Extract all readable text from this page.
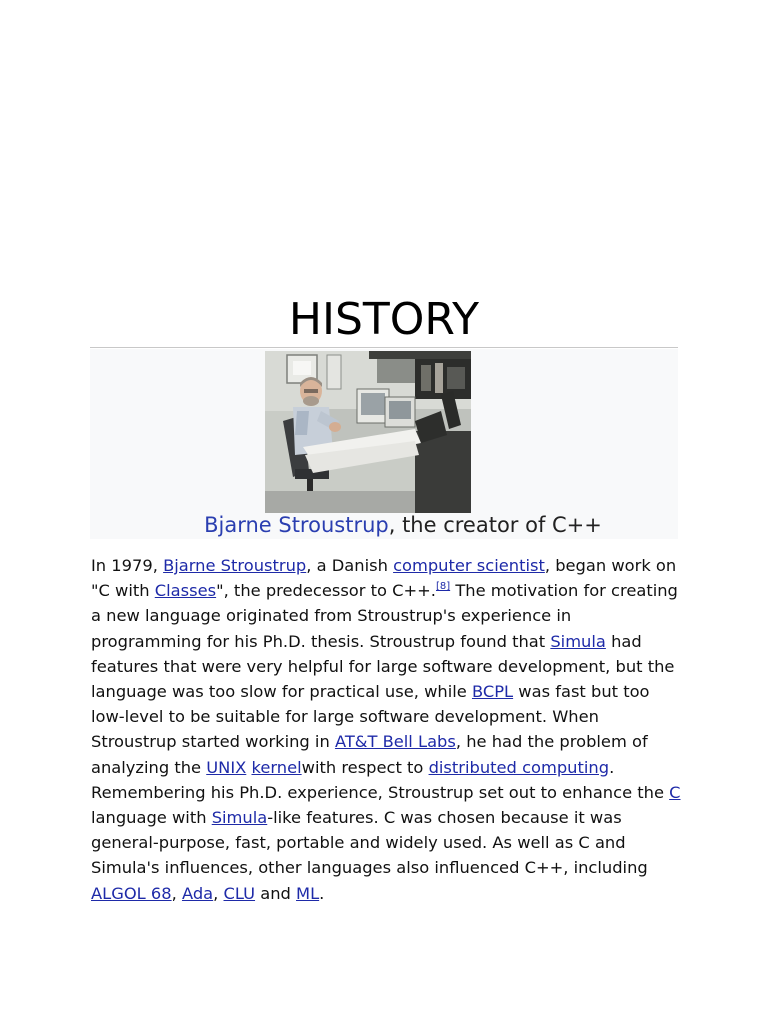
HISTORY
Bjarne Stroustrup, the creator of C++
In 1979, Bjarne Stroustrup, a Danish computer scientist, began work on "C with Classes", the predecessor to C++.[8] The motivation for creating a new language originated from Stroustrup's experience in programming for his Ph.D. thesis. Stroustrup found that Simula had features that were very helpful for large software development, but the language was too slow for practical use, while BCPL was fast but too low-level to be suitable for large software development. When Stroustrup started working in AT&T Bell Labs, he had the problem of analyzing the UNIX kernelwith respect to distributed computing. Remembering his Ph.D. experience, Stroustrup set out to enhance the C language with Simula-like features. C was chosen because it was general-purpose, fast, portable and widely used. As well as C and Simula's influences, other languages also influenced C++, including ALGOL 68, Ada, CLU and ML.
